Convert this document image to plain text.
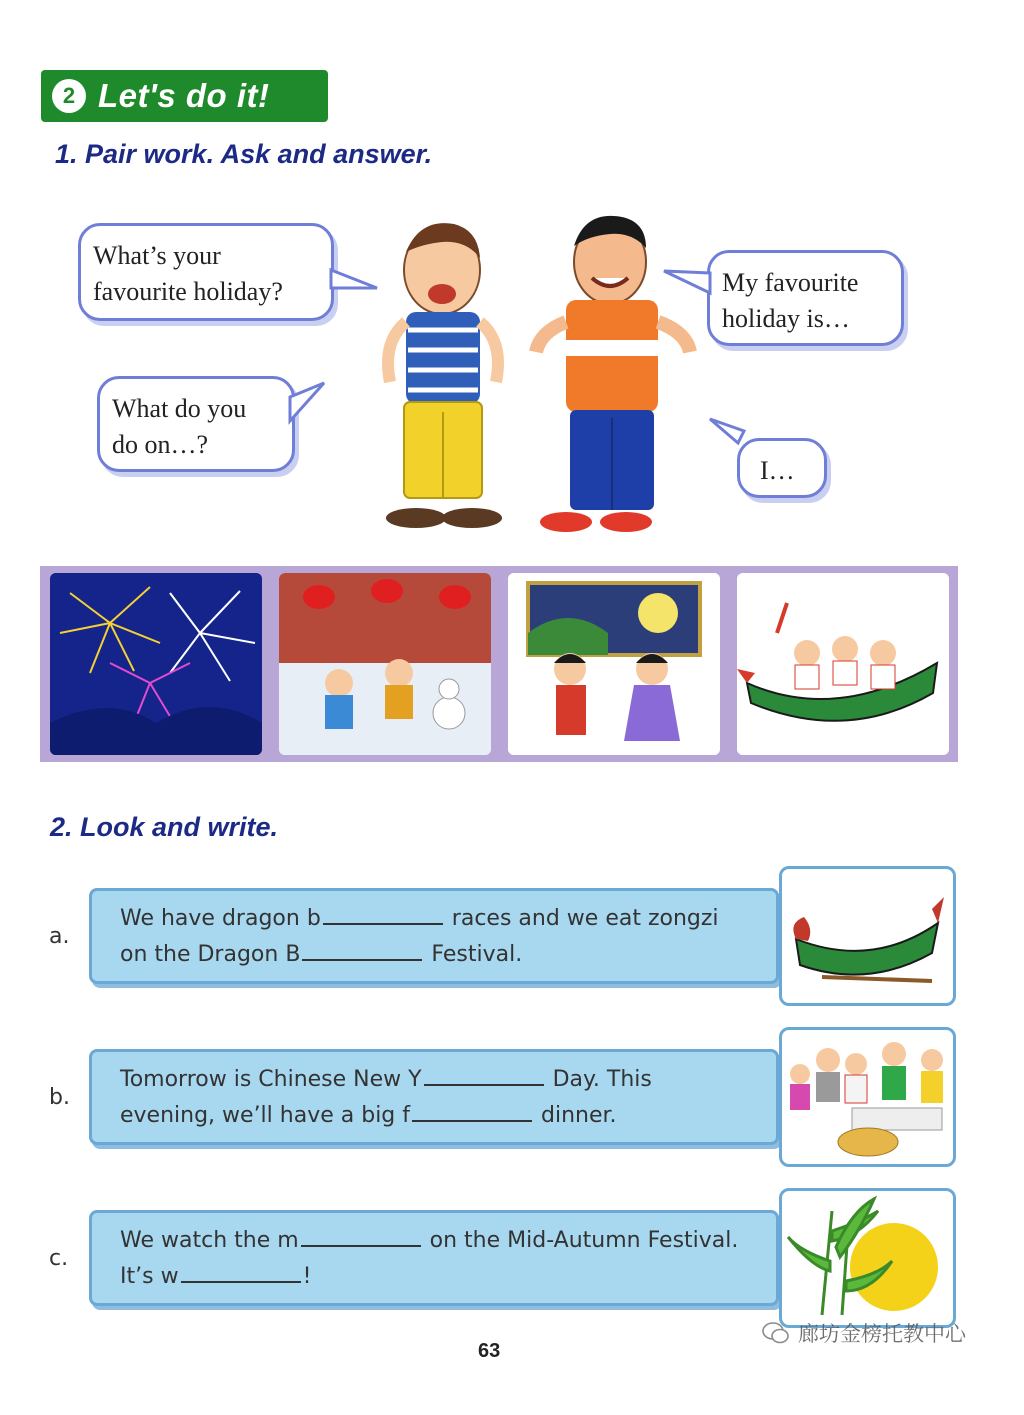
2 Let's do it!
1. Pair work. Ask and answer.
What’s your
favourite holiday?
What do you
do on…?
My favourite
holiday is…
I…
2. Look and write.
a.
We have dragon b	races and we eat zongzi
on the Dragon B	Festival.
b.
Tomorrow is Chinese New Y	Day. This
evening, we’ll have a big f	dinner.
c.
We watch the m	on the Mid-Autumn Festival.
It’s w	!
63
廊坊金榜托教中心
